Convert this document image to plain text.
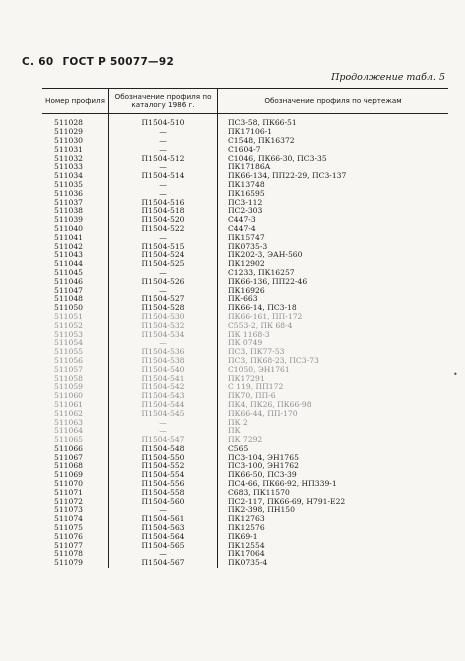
С. 60 ГОСТ Р 50077—92
Продолжение табл. 5
Номер профиля	Обозначение профиля по каталогу 1986 г.	Обозначение профиля по чертежам
511028	П1504-510	ПС3-58, ПК66-51
511029	—	ПК17106-1
511030	—	С1548, ПК16372
511031	—	С1604-7
511032	П1504-512	С1046, ПК66-30, ПС3-35
511033	—	ПК17186А
511034	П1504-514	ПК66-134, ПП22-29, ПС3-137
511035	—	ПК13748
511036	—	ПК16595
511037	П1504-516	ПС3-112
511038	П1504-518	ПС2-303
511039	П1504-520	С447-3
511040	П1504-522	С447-4
511041	—	ПК15747
511042	П1504-515	ПК0735-3
511043	П1504-524	ПК202-3, ЭАН-560
511044	П1504-525	ПК12902
511045	—	С1233, ПК16257
511046	П1504-526	ПК66-136, ПП22-46
511047	—	ПК16926
511048	П1504-527	ПК-663
511050	П1504-528	ПК66-14, ПС3-18
511051	П1504-530	ПК66-161, ПП-172
511052	П1504-532	С553-2, ПК 68-4
511053	П1504-534	ПК 1168-3
511054	—	ПК 0749
511055	П1504-536	ПС3, ПК77-53
511056	П1504-538	ПС3, ПК68-23, ПС3-73
511057	П1504-540	С1050, ЭН1761
511058	П1504-541	ПК17291
511059	П1504-542	С 119, ПП172
511060	П1504-543	ПК70, ПП-6
511061	П1504-544	ПК4, ПК26, ПК66-98
511062	П1504-545	ПК66-44, ПП-170
511063	—	ПК 2
511064	—	ПК
511065	П1504-547	ПК 7292
511066	П1504-548	С565
511067	П1504-550	ПС3-104, ЭН1765
511068	П1504-552	ПС3-100, ЭН1762
511069	П1504-554	ПК66-50, ПС3-39
511070	П1504-556	ПС4-66, ПК66-92, НП339-1
511071	П1504-558	С683, ПК11570
511072	П1504-560	ПС2-117, ПК66-69, Н791-Е22
511073	—	ПК2-398, ПН150
511074	П1504-561	ПК12763
511075	П1504-563	ПК12576
511076	П1504-564	ПК69-1
511077	П1504-565	ПК12554
511078	—	ПК17064
511079	П1504-567	ПК0735-4
•
